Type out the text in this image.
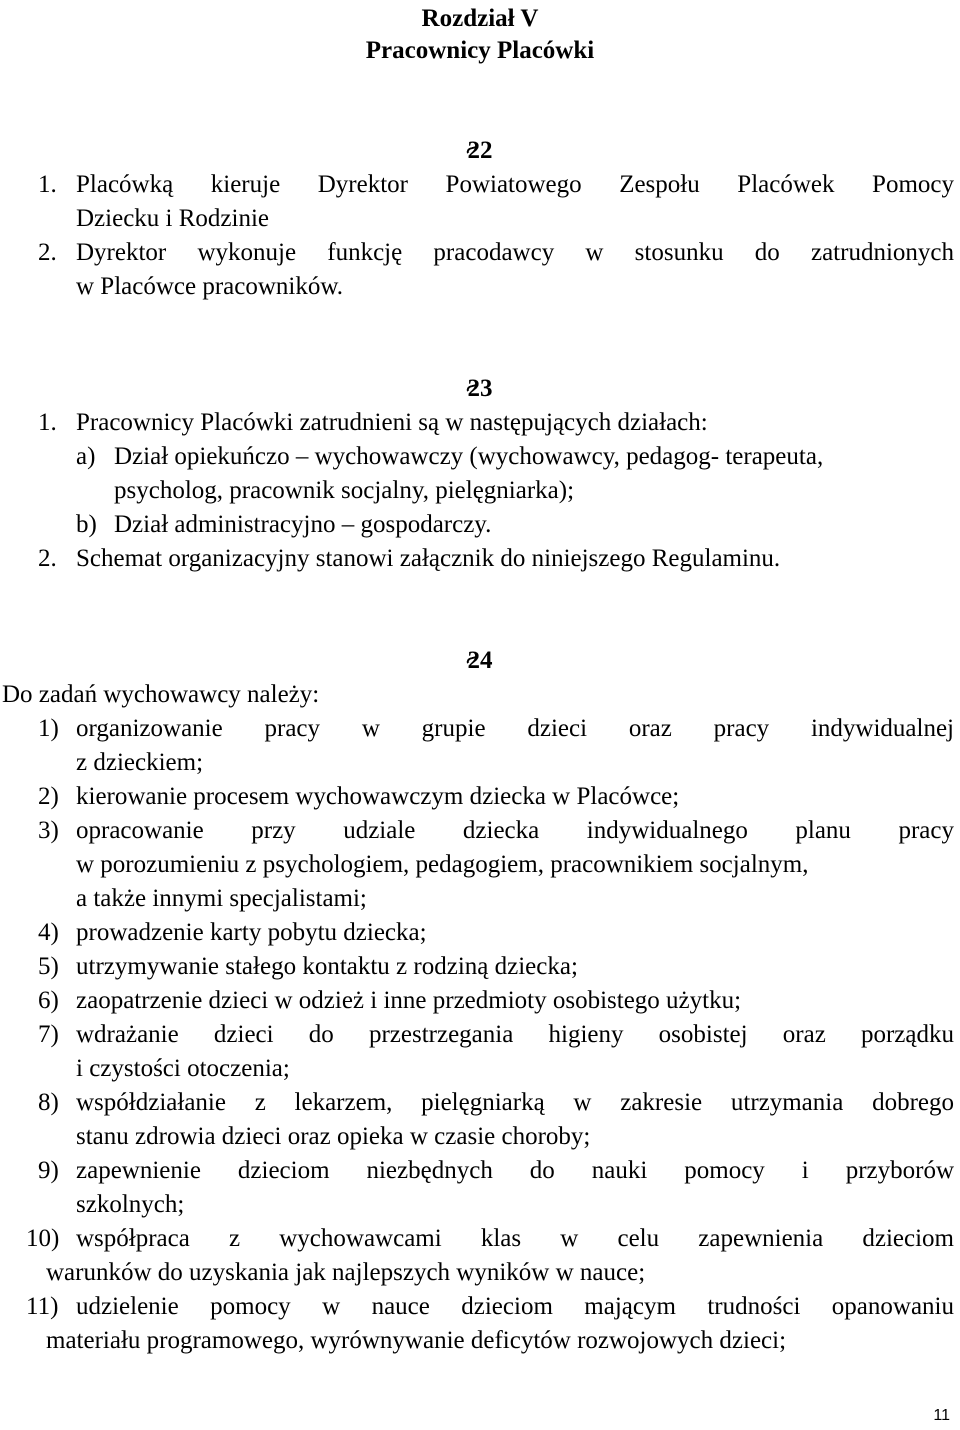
Rozdział V
Pracownicy Placówki
22
1. Placówką kieruje Dyrektor Powiatowego Zespołu Placówek Pomocy
Dziecku i Rodzinie
2. Dyrektor wykonuje funkcję pracodawcy w stosunku do zatrudnionych
w Placówce pracowników.
23
1. Pracownicy Placówki zatrudnieni są w następujących działach:
a) Dział opiekuńczo – wychowawczy (wychowawcy, pedagog- terapeuta,
psycholog, pracownik socjalny, pielęgniarka);
b) Dział administracyjno – gospodarczy.
2. Schemat organizacyjny stanowi załącznik do niniejszego Regulaminu.
24
Do zadań wychowawcy należy:
1) organizowanie pracy w grupie dzieci oraz pracy indywidualnej
z dzieckiem;
2) kierowanie procesem wychowawczym dziecka w Placówce;
3) opracowanie przy udziale dziecka indywidualnego planu pracy
w porozumieniu z psychologiem, pedagogiem, pracownikiem socjalnym,
a także innymi specjalistami;
4) prowadzenie karty pobytu dziecka;
5) utrzymywanie stałego kontaktu z rodziną dziecka;
6) zaopatrzenie dzieci w odzież i inne przedmioty osobistego użytku;
7) wdrażanie dzieci do przestrzegania higieny osobistej oraz porządku
i czystości otoczenia;
8) współdziałanie z lekarzem, pielęgniarką w zakresie utrzymania dobrego
stanu zdrowia dzieci oraz opieka w czasie choroby;
9) zapewnienie dzieciom niezbędnych do nauki pomocy i przyborów
szkolnych;
10) współpraca z wychowawcami klas w celu zapewnienia dzieciom
warunków do uzyskania jak najlepszych wyników w nauce;
11) udzielenie pomocy w nauce dzieciom mającym trudności opanowaniu
materiału programowego, wyrównywanie deficytów rozwojowych dzieci;
11
